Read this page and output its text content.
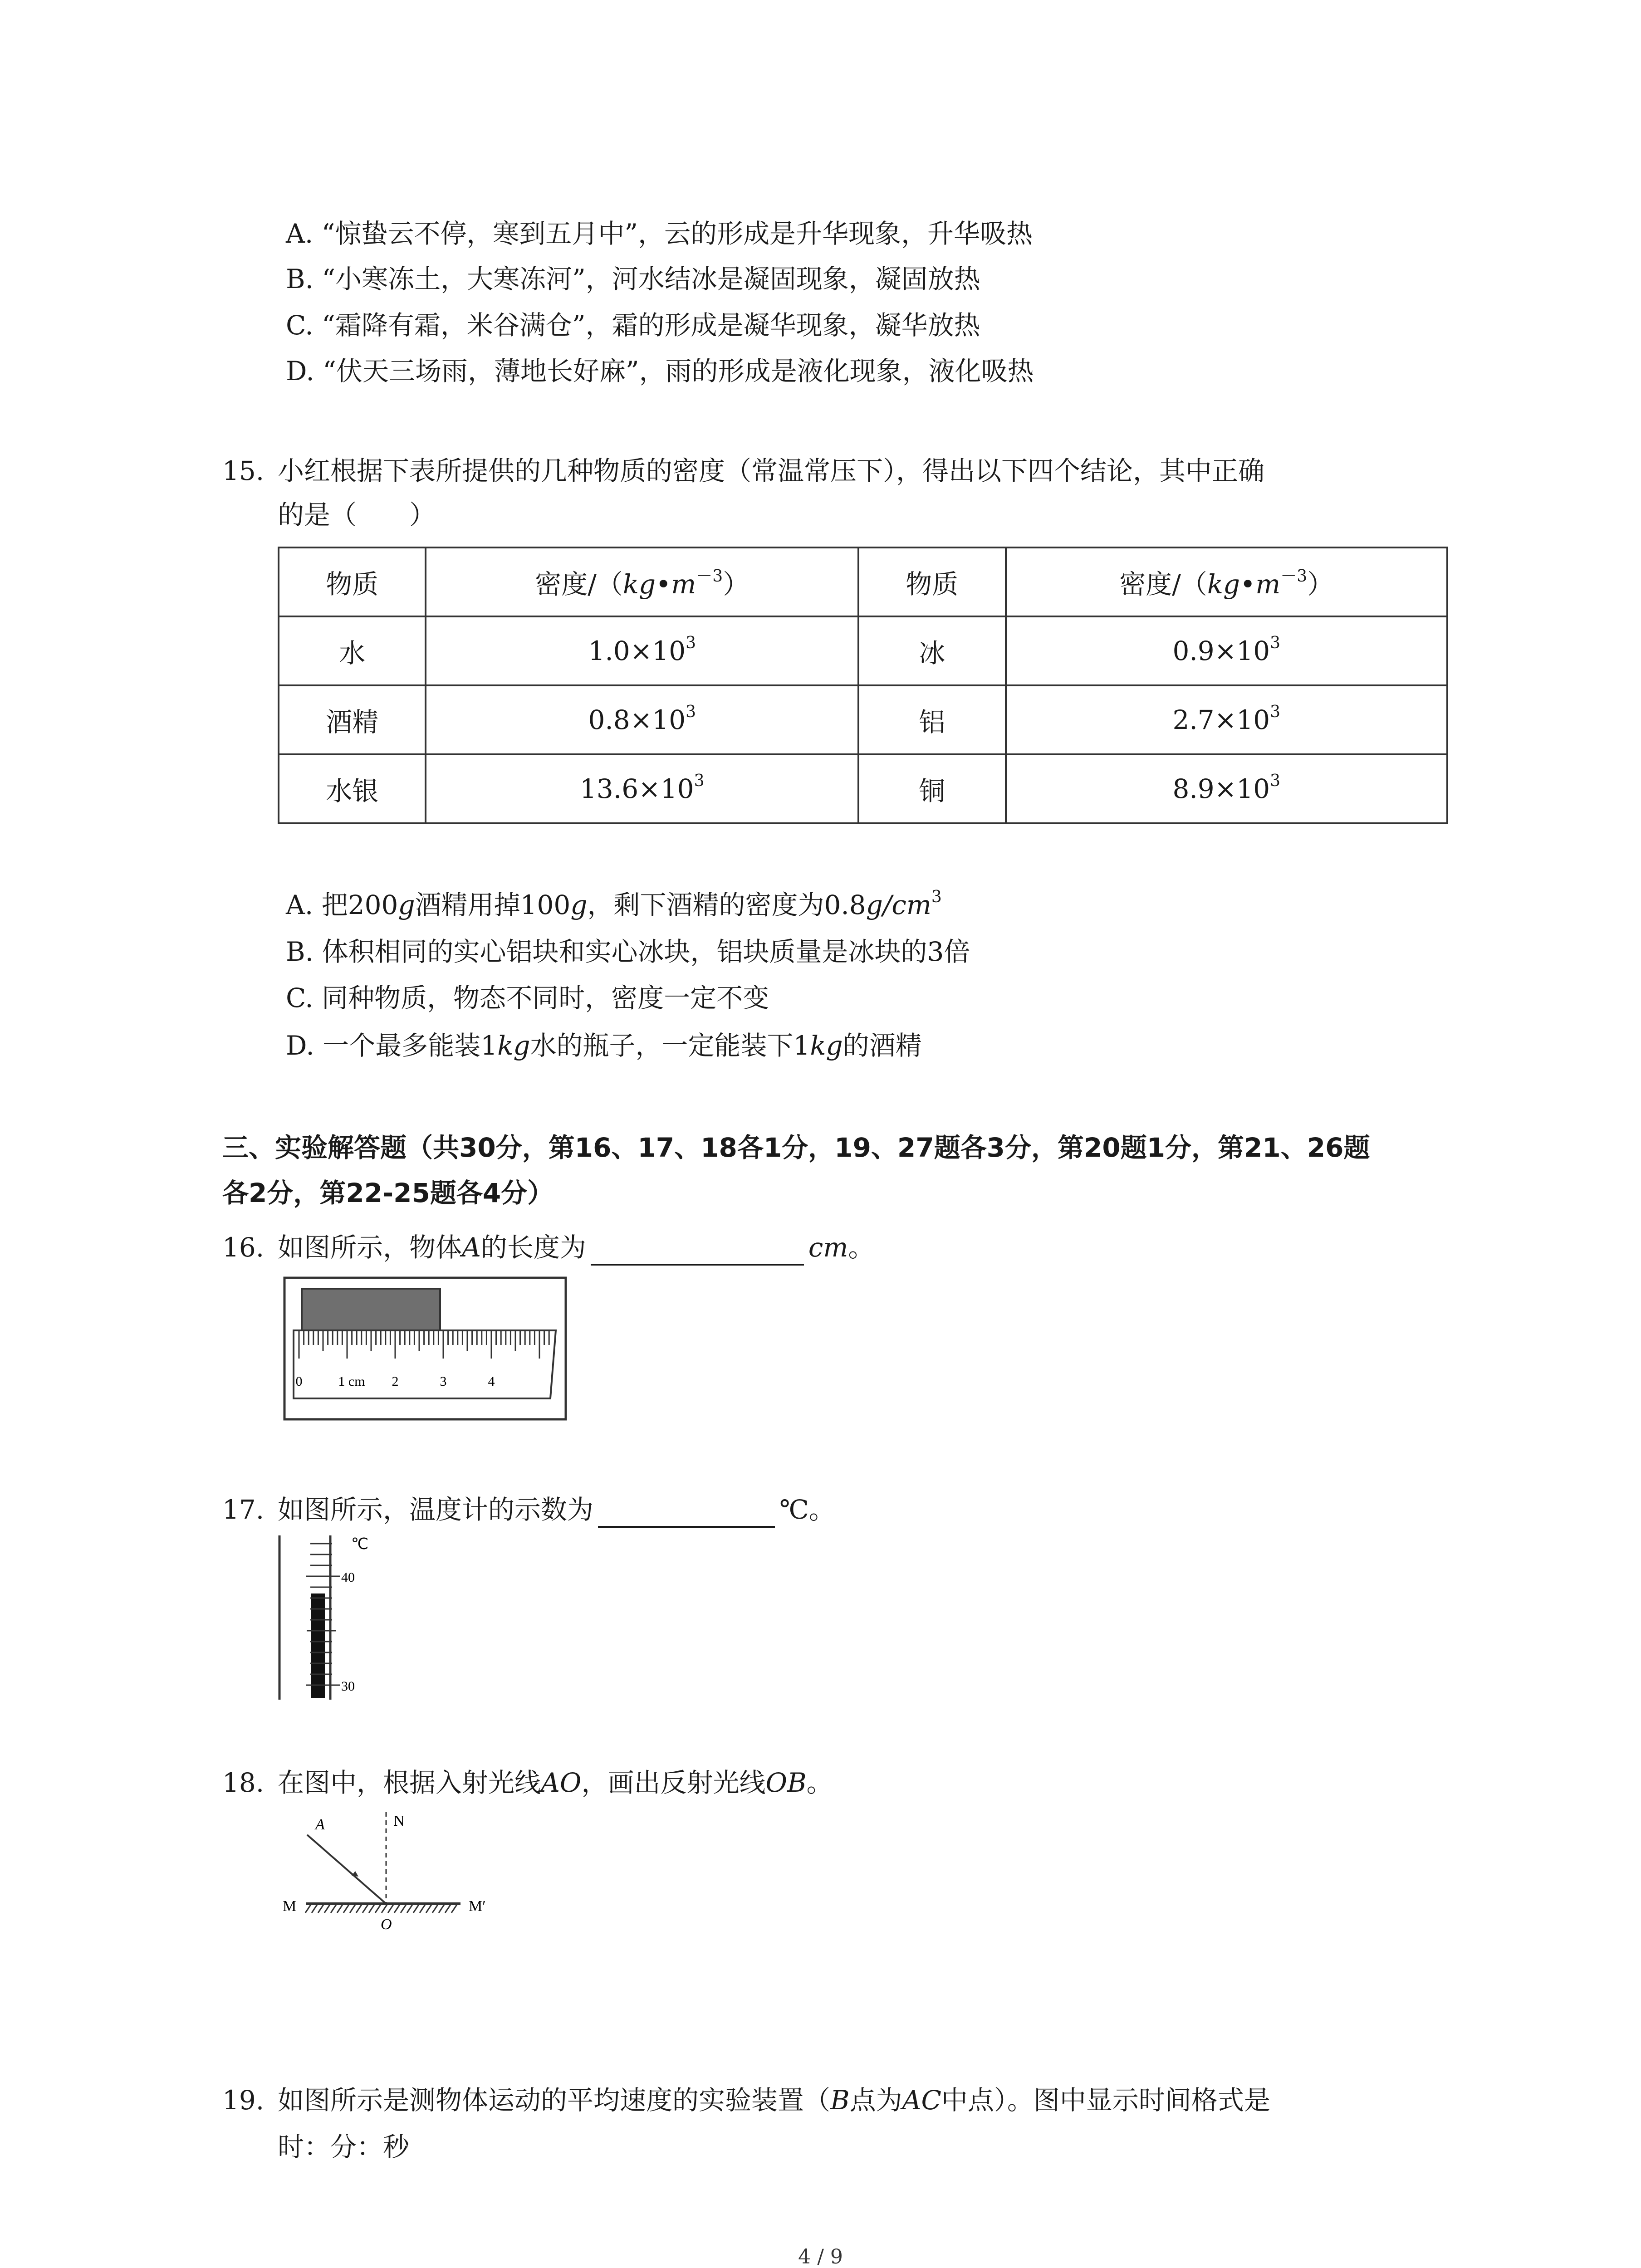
A. “惊蛰云不停，寒到五月中”，云的形成是升华现象，升华吸热
B. “小寒冻土，大寒冻河”，河水结冰是凝固现象，凝固放热
C. “霜降有霜，米谷满仓”，霜的形成是凝华现象，凝华放热
D. “伏天三场雨，薄地长好麻”，雨的形成是液化现象，液化吸热
15. 小红根据下表所提供的几种物质的密度（常温常压下），得出以下四个结论，其中正确
的是（　　）
物质	密度$/(kg•m^{-3})$	物质	密度$/(kg•m^{-3})$
水	$1.0\times 10^3$	冰	$0.9\times 10^3$
酒精	$0.8\times 10^3$	铝	$2.7\times 10^3$
水银	$13.6\times 10^3$	铜	$8.9\times 10^3$
A. 把200g酒精用掉100g，剩下酒精的密度为$0.8g/cm^3$
B. 体积相同的实心铝块和实心冰块，铝块质量是冰块的3倍
C. 同种物质，物态不同时，密度一定不变
D. 一个最多能装1kg水的瓶子，一定能装下1kg的酒精
三、实验解答题（共30分，第16、17、18各1分，19、27题各3分，第20题1分，第21、26题
各2分，第22-25题各4分）
16. 如图所示，物体A的长度为	cm。
0	1 cm 2	3	4
17. 如图所示，温度计的示数为	℃。
℃
40
30
18. 在图中，根据入射光线AO，画出反射光线OB。
A	N
M	M′
O
19. 如图所示是测物体运动的平均速度的实验装置（B点为AC中点）。图中显示时间格式是
时：分：秒
4 / 9
